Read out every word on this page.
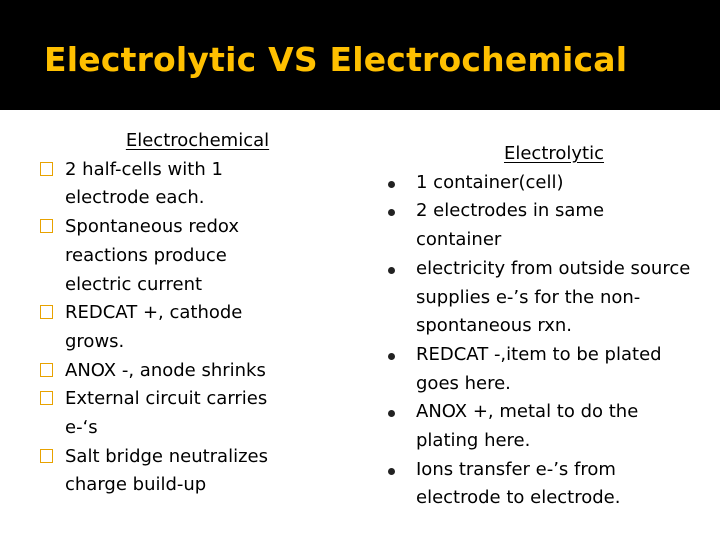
Electrolytic VS Electrochemical
Electrochemical
2 half-cells with 1 electrode each.
Spontaneous redox reactions produce electric current
REDCAT +, cathode grows.
ANOX -, anode shrinks
External circuit carries e-‘s
Salt bridge neutralizes charge build-up
Electrolytic
1 container(cell)
2 electrodes in same container
electricity from outside source supplies e-’s for the non-spontaneous rxn.
REDCAT -,item to be plated goes here.
ANOX +, metal to do the plating here.
Ions transfer e-’s from electrode to electrode.
